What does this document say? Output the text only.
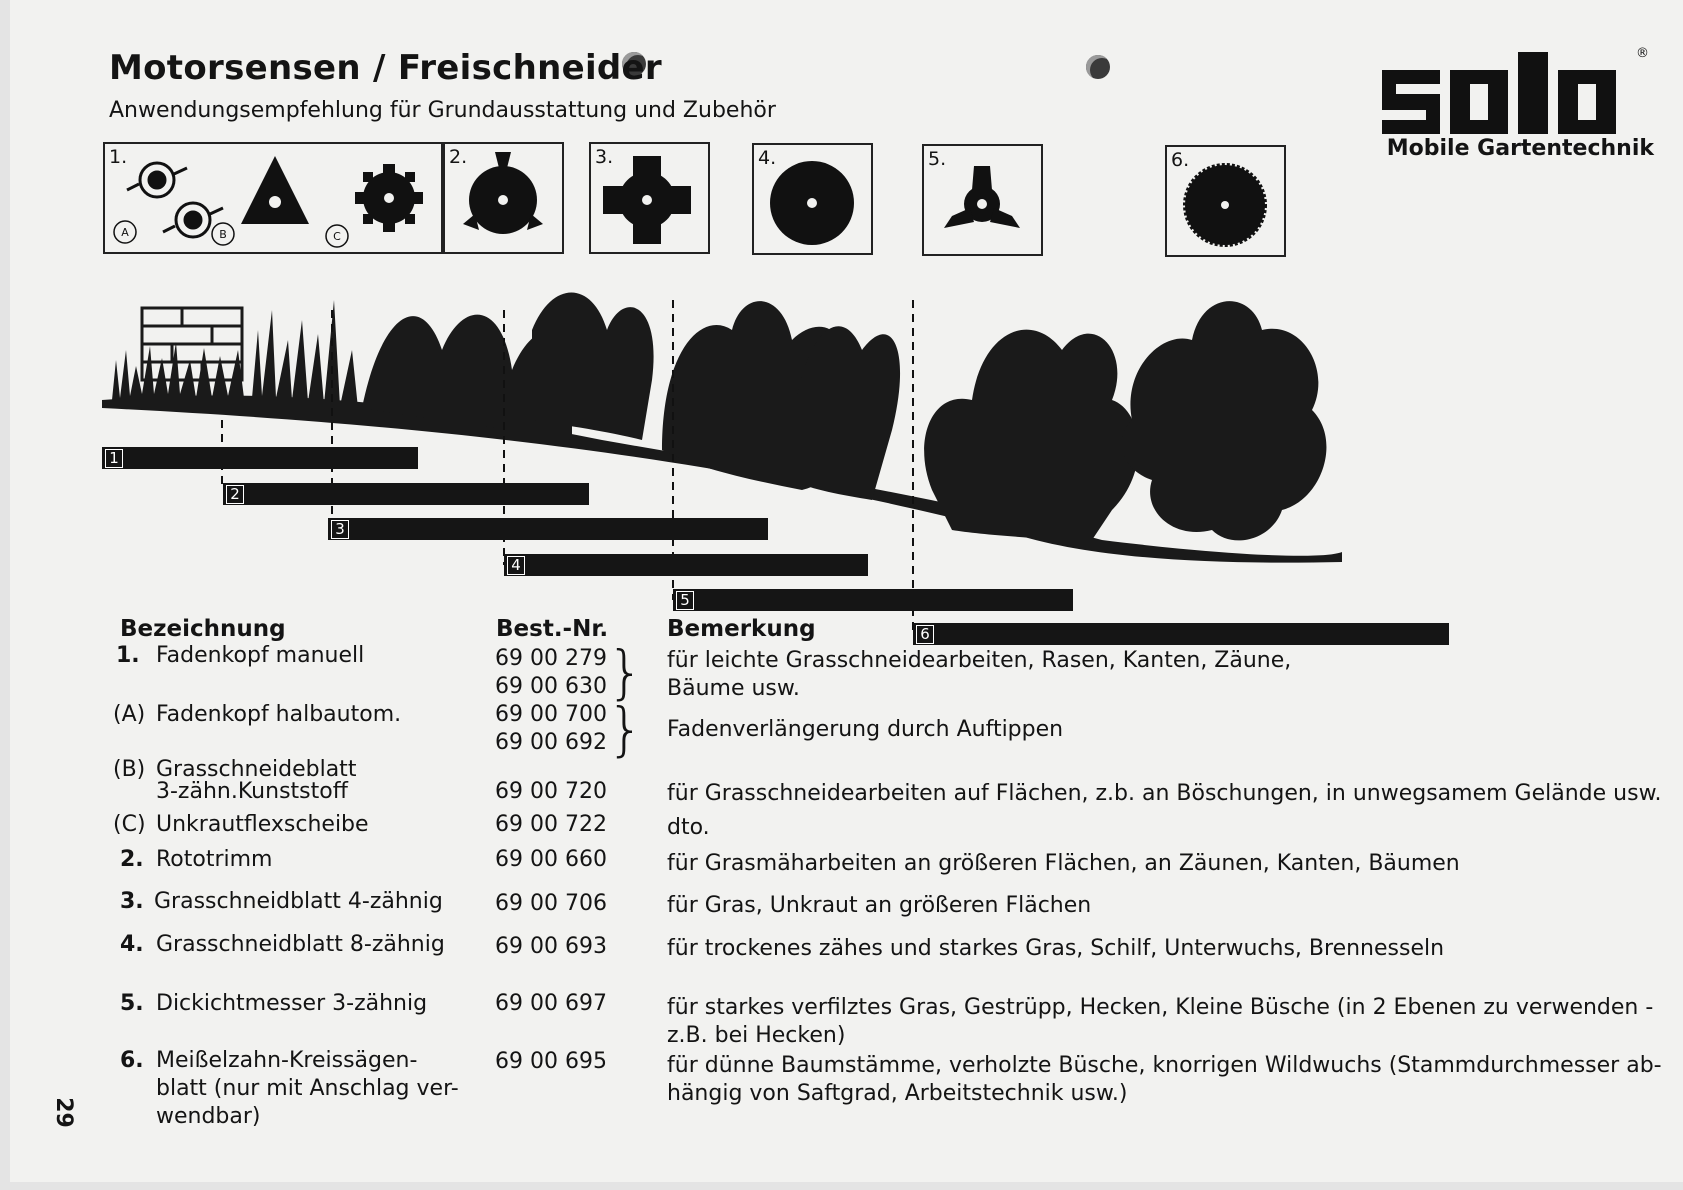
Motorsensen / Freischneider
Anwendungsempfehlung für Grundausstattung und Zubehör
®
Mobile Gartentechnik
1.
A	B	C
2.	3.	4.	5.	6.
1
2
3
4
5
6
Bezeichnung	Best.-Nr.	Bemerkung
1. Fadenkopf manuell	69 00 279
69 00 630 } für leichte Grasschneidearbeiten, Rasen, Kanten, Zäune,
Bäume usw.
(A) Fadenkopf halbautom.	69 00 700
69 00 692 } Fadenverlängerung durch Auftippen
(B) Grasschneideblatt
3-zähn.Kunststoff	69 00 720	für Grasschneidearbeiten auf Flächen, z.b. an Böschungen, in unwegsamem Gelände usw.
(C) Unkrautflexscheibe	69 00 722	dto.
2. Rototrimm	69 00 660	für Grasmäharbeiten an größeren Flächen, an Zäunen, Kanten, Bäumen
3. Grasschneidblatt 4-zähnig 69 00 706	für Gras, Unkraut an größeren Flächen
4. Grasschneidblatt 8-zähnig 69 00 693	für trockenes zähes und starkes Gras, Schilf, Unterwuchs, Brennesseln
5. Dickichtmesser 3-zähnig	69 00 697	für starkes verfilztes Gras, Gestrüpp, Hecken, Kleine Büsche (in 2 Ebenen zu verwenden -
z.B. bei Hecken)
6. Meißelzahn-Kreissägen-
blatt (nur mit Anschlag ver-
wendbar)
69 00 695	für dünne Baumstämme, verholzte Büsche, knorrigen Wildwuchs (Stammdurchmesser ab-
hängig von Saftgrad, Arbeitstechnik usw.)
29
